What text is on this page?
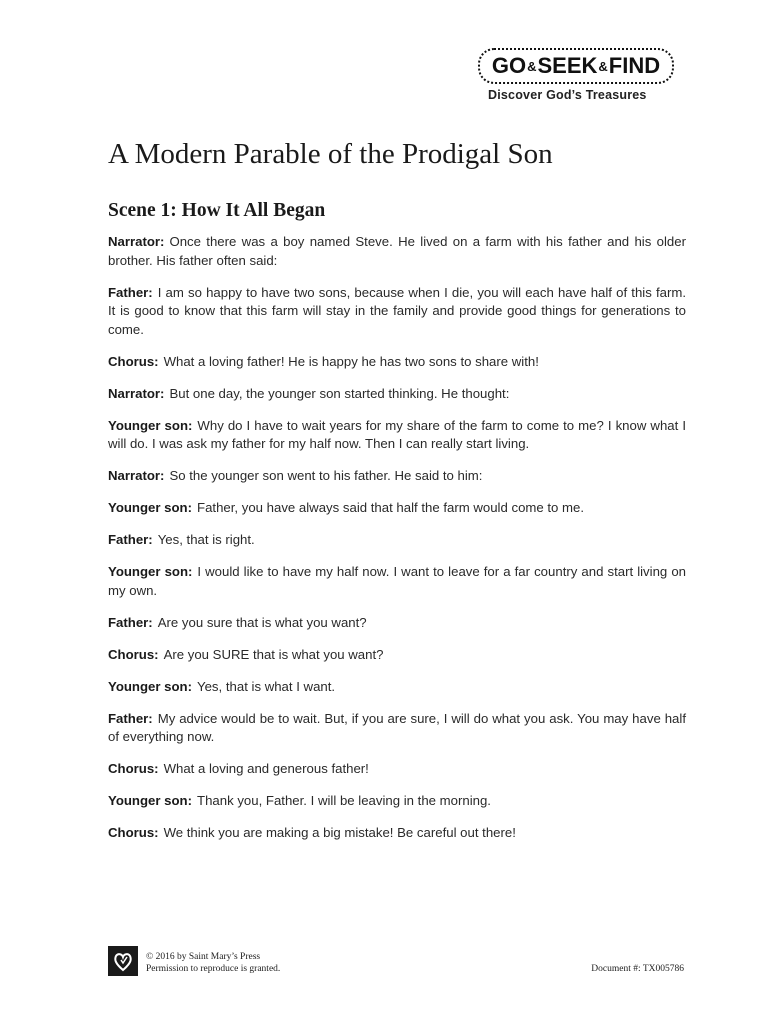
GO & SEEK & FIND
Discover God’s Treasures
A Modern Parable of the Prodigal Son
Scene 1: How It All Began

Narrator: Once there was a boy named Steve. He lived on a farm with his father and his older brother. His father often said:

Father: I am so happy to have two sons, because when I die, you will each have half of this farm. It is good to know that this farm will stay in the family and provide good things for generations to come.

Chorus: What a loving father! He is happy he has two sons to share with!

Narrator: But one day, the younger son started thinking. He thought:

Younger son: Why do I have to wait years for my share of the farm to come to me? I know what I will do. I was ask my father for my half now. Then I can really start living.

Narrator: So the younger son went to his father. He said to him:

Younger son: Father, you have always said that half the farm would come to me.

Father: Yes, that is right.

Younger son: I would like to have my half now. I want to leave for a far country and start living on my own.

Father: Are you sure that is what you want?

Chorus: Are you SURE that is what you want?

Younger son: Yes, that is what I want.

Father: My advice would be to wait. But, if you are sure, I will do what you ask. You may have half of everything now.

Chorus: What a loving and generous father!

Younger son: Thank you, Father. I will be leaving in the morning.

Chorus: We think you are making a big mistake! Be careful out there!

© 2016 by Saint Mary’s Press
Permission to reproduce is granted.	Document #: TX005786
